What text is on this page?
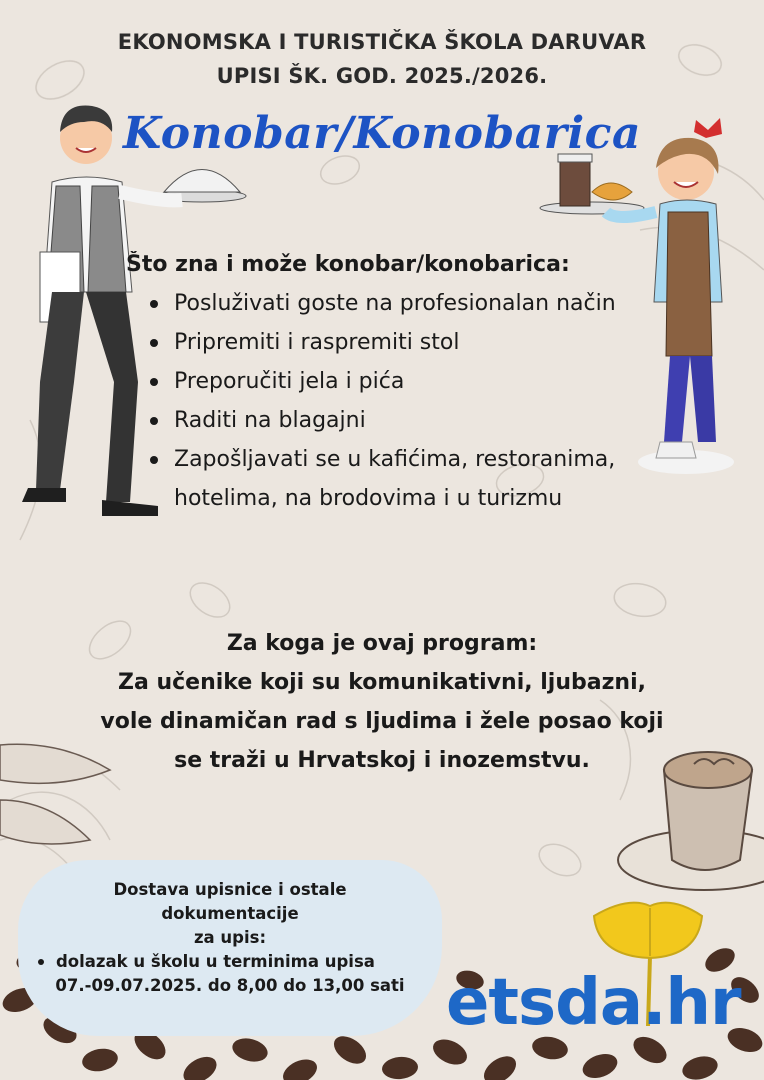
EKONOMSKA I TURISTIČKA ŠKOLA DARUVAR
UPISI ŠK. GOD. 2025./2026.
Konobar/Konobarica
Što zna i može konobar/konobarica:
Posluživati goste na profesionalan način
Pripremiti i raspremiti stol
Preporučiti jela i pića
Raditi na blagajni
Zapošljavati se u kafićima, restoranima, hotelima, na brodovima i u turizmu
Za koga je ovaj program:
Za učenike koji su komunikativni, ljubazni, vole dinamičan rad s ljudima i žele posao koji se traži u Hrvatskoj i inozemstvu.
Dostava upisnice i ostale
dokumentacije
za upis:
dolazak u školu u terminima upisa
07.-09.07.2025. do 8,00 do 13,00 sati etsda.hr
